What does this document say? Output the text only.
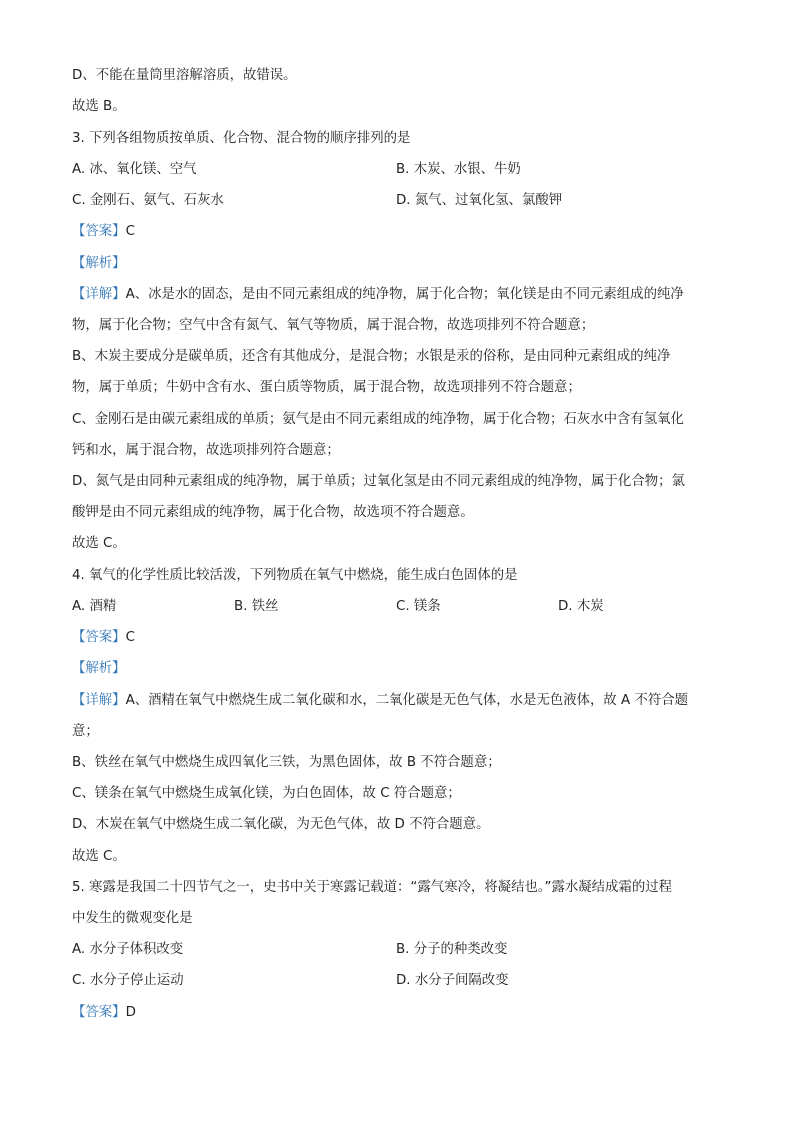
D、不能在量筒里溶解溶质，故错误。
故选 B。
3. 下列各组物质按单质、化合物、混合物的顺序排列的是
A. 冰、氧化镁、空气	B. 木炭、水银、牛奶
C. 金刚石、氨气、石灰水	D. 氮气、过氧化氢、氯酸钾
【答案】C
【解析】
【详解】A、冰是水的固态，是由不同元素组成的纯净物，属于化合物；氧化镁是由不同元素组成的纯净
物，属于化合物；空气中含有氮气、氧气等物质，属于混合物，故选项排列不符合题意；
B、木炭主要成分是碳单质，还含有其他成分，是混合物；水银是汞的俗称，是由同种元素组成的纯净
物，属于单质；牛奶中含有水、蛋白质等物质，属于混合物，故选项排列不符合题意；
C、金刚石是由碳元素组成的单质；氨气是由不同元素组成的纯净物，属于化合物；石灰水中含有氢氧化
钙和水，属于混合物，故选项排列符合题意；
D、氮气是由同种元素组成的纯净物，属于单质；过氧化氢是由不同元素组成的纯净物，属于化合物；氯
酸钾是由不同元素组成的纯净物，属于化合物，故选项不符合题意。
故选 C。
4. 氧气的化学性质比较活泼，下列物质在氧气中燃烧，能生成白色固体的是
A. 酒精	B. 铁丝	C. 镁条	D. 木炭
【答案】C
【解析】
【详解】A、酒精在氧气中燃烧生成二氧化碳和水，二氧化碳是无色气体，水是无色液体，故 A 不符合题
意；
B、铁丝在氧气中燃烧生成四氧化三铁，为黑色固体，故 B 不符合题意；
C、镁条在氧气中燃烧生成氧化镁，为白色固体，故 C 符合题意；
D、木炭在氧气中燃烧生成二氧化碳，为无色气体，故 D 不符合题意。
故选 C。
5. 寒露是我国二十四节气之一，史书中关于寒露记载道：“露气寒冷，将凝结也。”露水凝结成霜的过程
中发生的微观变化是
A. 水分子体积改变	B. 分子的种类改变
C. 水分子停止运动	D. 水分子间隔改变
【答案】D
